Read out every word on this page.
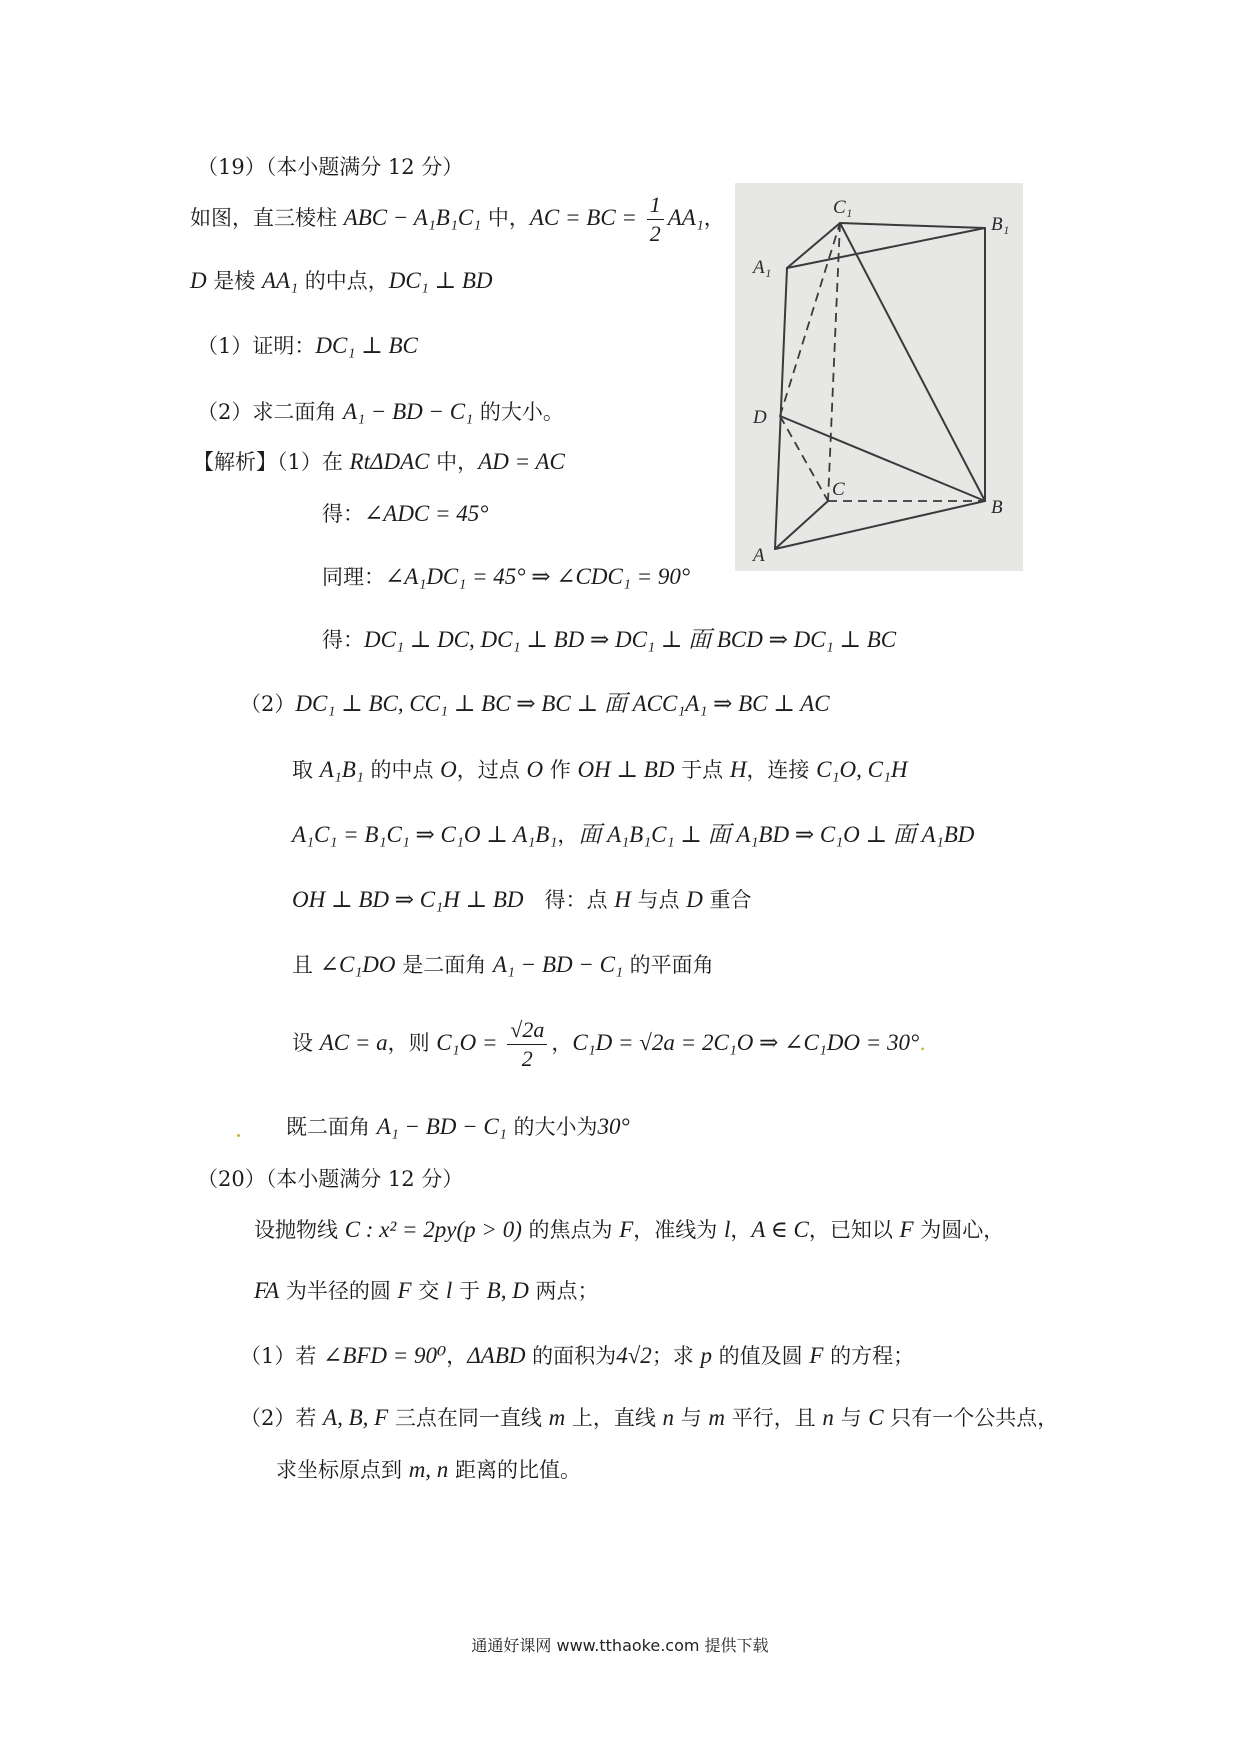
（19）（本小题满分 12 分）
如图，直三棱柱 ABC − A₁B₁C₁ 中，AC = BC = $\frac{1}{2} AA_1$，
D 是棱 AA₁ 的中点，DC₁ ⊥ BD
（1）证明：DC₁ ⊥ BC
（2）求二面角 A₁ − BD − C₁ 的大小。
【解析】（1）在 RtΔDAC 中，AD = AC
得：∠ADC = 45°
同理：∠A₁DC₁ = 45° ⇒ ∠CDC₁ = 90°
得：DC₁ ⊥ DC, DC₁ ⊥ BD ⇒ DC₁ ⊥ 面 BCD ⇒ DC₁ ⊥ BC
（2）DC₁ ⊥ BC, CC₁ ⊥ BC ⇒ BC ⊥ 面 ACC₁A₁ ⇒ BC ⊥ AC
取 A₁B₁ 的中点 O，过点 O 作 OH ⊥ BD 于点 H，连接 C₁O, C₁H
A₁C₁ = B₁C₁ ⇒ C₁O ⊥ A₁B₁，面 A₁B₁C₁ ⊥ 面 A₁BD ⇒ C₁O ⊥ 面 A₁BD
OH ⊥ BD ⇒ C₁H ⊥ BD　得：点 H 与点 D 重合
且 ∠C₁DO 是二面角 A₁ − BD − C₁ 的平面角
设 AC = a，则 $C_1O = \frac{√2a}{2}$ ，C₁D = √2a = 2C₁O ⇒ ∠C₁DO = 30°.
既二面角 A₁ − BD − C₁ 的大小为30°
C₁
B₁
A₁
D
C
B
A
（20）（本小题满分 12 分）
设抛物线 C : x² = 2py(p > 0) 的焦点为 F，准线为 l，A ∈ C，已知以 F 为圆心，
FA 为半径的圆 F 交 l 于 B, D 两点；
（1）若 ∠BFD = 90⁰，ΔABD 的面积为4√2；求 p 的值及圆 F 的方程；
（2）若 A, B, F 三点在同一直线 m 上，直线 n 与 m 平行，且 n 与 C 只有一个公共点，
求坐标原点到 m, n 距离的比值。
通通好课网 www.tthaoke.com 提供下载
